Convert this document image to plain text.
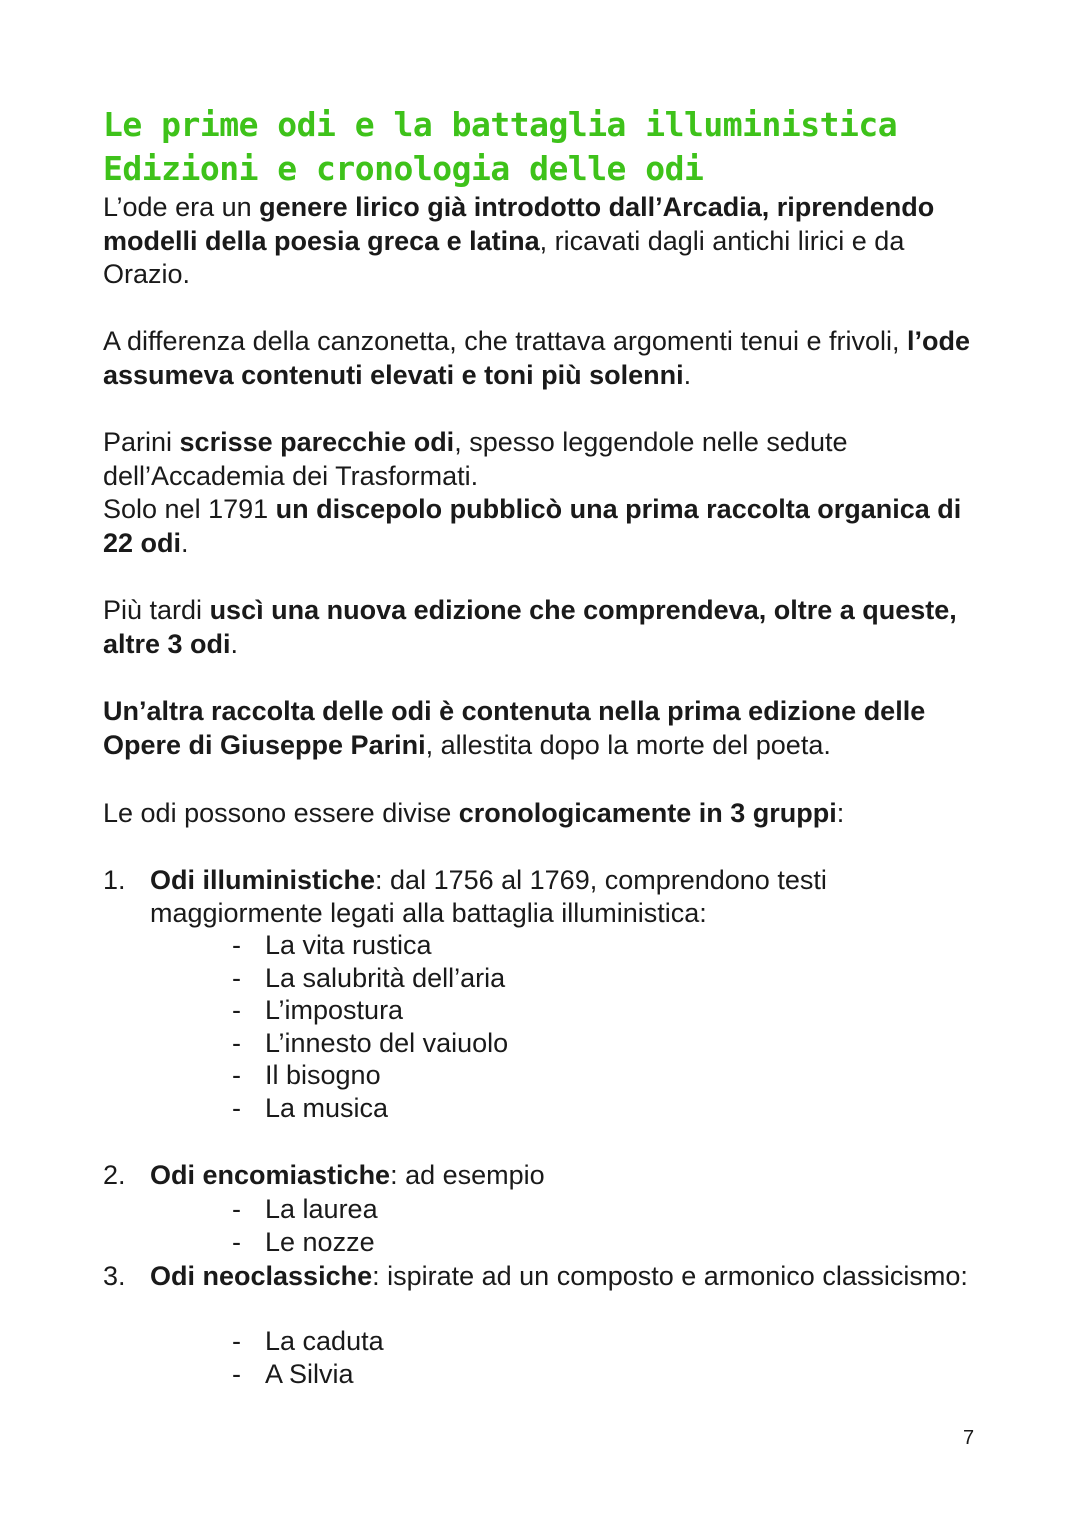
Le prime odi e la battaglia illuministica
Edizioni e cronologia delle odi

L’ode era un genere lirico già introdotto dall’Arcadia, riprendendo modelli della poesia greca e latina, ricavati dagli antichi lirici e da Orazio.

A differenza della canzonetta, che trattava argomenti tenui e frivoli, l’ode assumeva contenuti elevati e toni più solenni.

Parini scrisse parecchie odi, spesso leggendole nelle sedute dell’Accademia dei Trasformati.
Solo nel 1791 un discepolo pubblicò una prima raccolta organica di 22 odi.

Più tardi uscì una nuova edizione che comprendeva, oltre a queste, altre 3 odi.

Un’altra raccolta delle odi è contenuta nella prima edizione delle Opere di Giuseppe Parini, allestita dopo la morte del poeta.

Le odi possono essere divise cronologicamente in 3 gruppi:

1. Odi illuministiche: dal 1756 al 1769, comprendono testi maggiormente legati alla battaglia illuministica:
- La vita rustica
- La salubrità dell’aria
- L’impostura
- L’innesto del vaiuolo
- Il bisogno
- La musica
2. Odi encomiastiche: ad esempio
- La laurea
- Le nozze
3. Odi neoclassiche: ispirate ad un composto e armonico classicismo:
- La caduta
- A Silvia
7
